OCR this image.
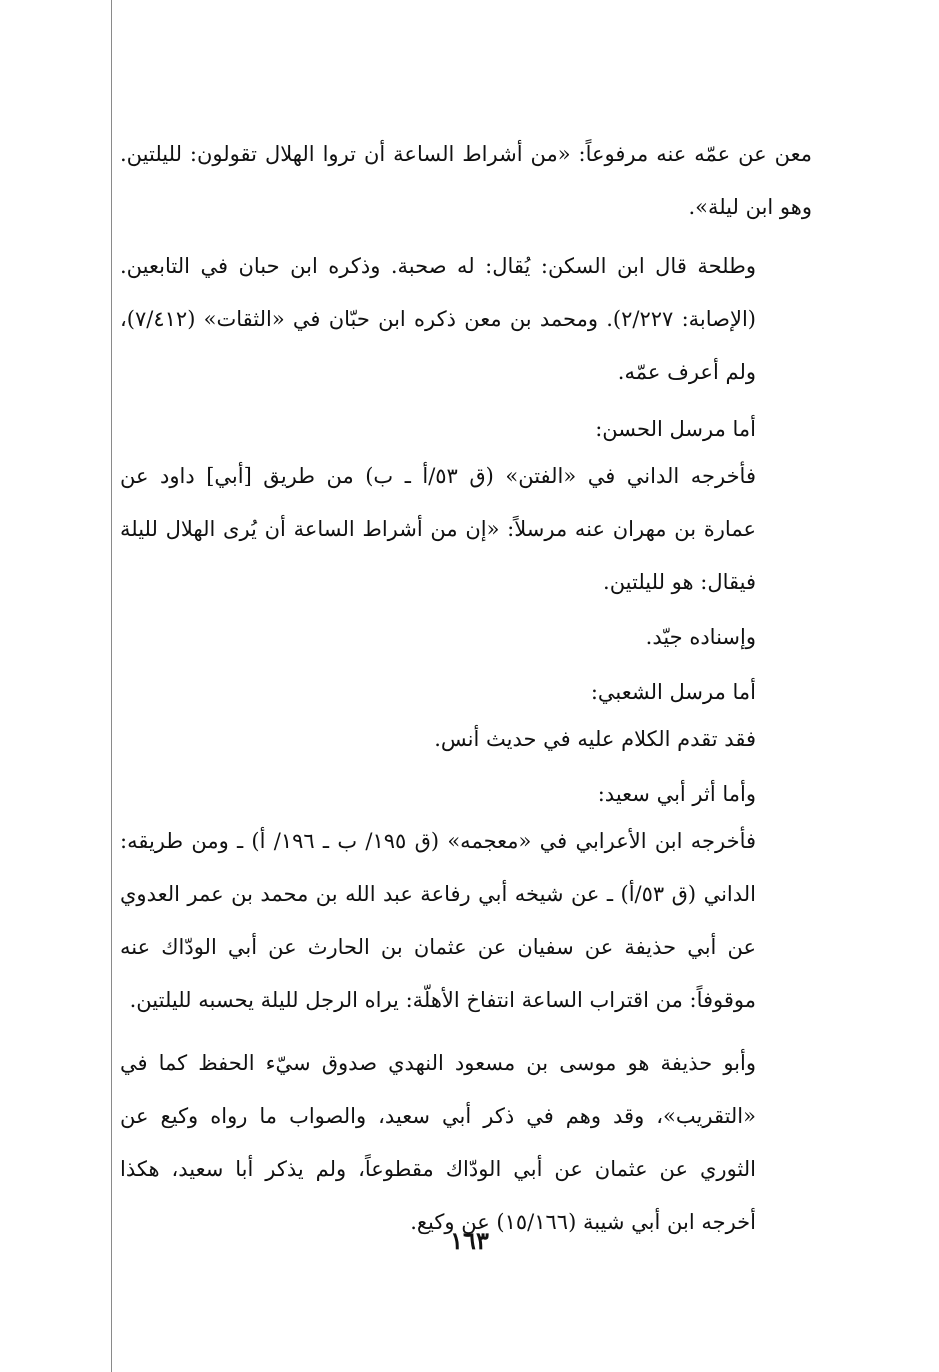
معن عن عمّه عنه مرفوعاً: «من أشراط الساعة أن تروا الهلال تقولون: لليلتين. وهو ابن ليلة».

وطلحة قال ابن السكن: يُقال: له صحبة. وذكره ابن حبان في التابعين. (الإصابة: ٢/٢٢٧). ومحمد بن معن ذكره ابن حبّان في «الثقات» (٧/٤١٢)، ولم أعرف عمّه.

أما مرسل الحسن:

فأخرجه الداني في «الفتن» (ق ٥٣/أ ـ ب) من طريق [أبي] داود عن عمارة بن مهران عنه مرسلاً: «إن من أشراط الساعة أن يُرى الهلال لليلة فيقال: هو لليلتين.

وإسناده جيّد.

أما مرسل الشعبي:

فقد تقدم الكلام عليه في حديث أنس.

وأما أثر أبي سعيد:

فأخرجه ابن الأعرابي في «معجمه» (ق ١٩٥/ ب ـ ١٩٦/ أ) ـ ومن طريقه: الداني (ق ٥٣/أ) ـ عن شيخه أبي رفاعة عبد الله بن محمد بن عمر العدوي عن أبي حذيفة عن سفيان عن عثمان بن الحارث عن أبي الودّاك عنه موقوفاً: من اقتراب الساعة انتفاخ الأهلّة: يراه الرجل لليلة يحسبه لليلتين.

وأبو حذيفة هو موسى بن مسعود النهدي صدوق سيّء الحفظ كما في «التقريب»، وقد وهم في ذكر أبي سعيد، والصواب ما رواه وكيع عن الثوري عن عثمان عن أبي الودّاك مقطوعاً، ولم يذكر أبا سعيد، هكذا أخرجه ابن أبي شيبة (١٥/١٦٦) عن وكيع.

١٦٣
